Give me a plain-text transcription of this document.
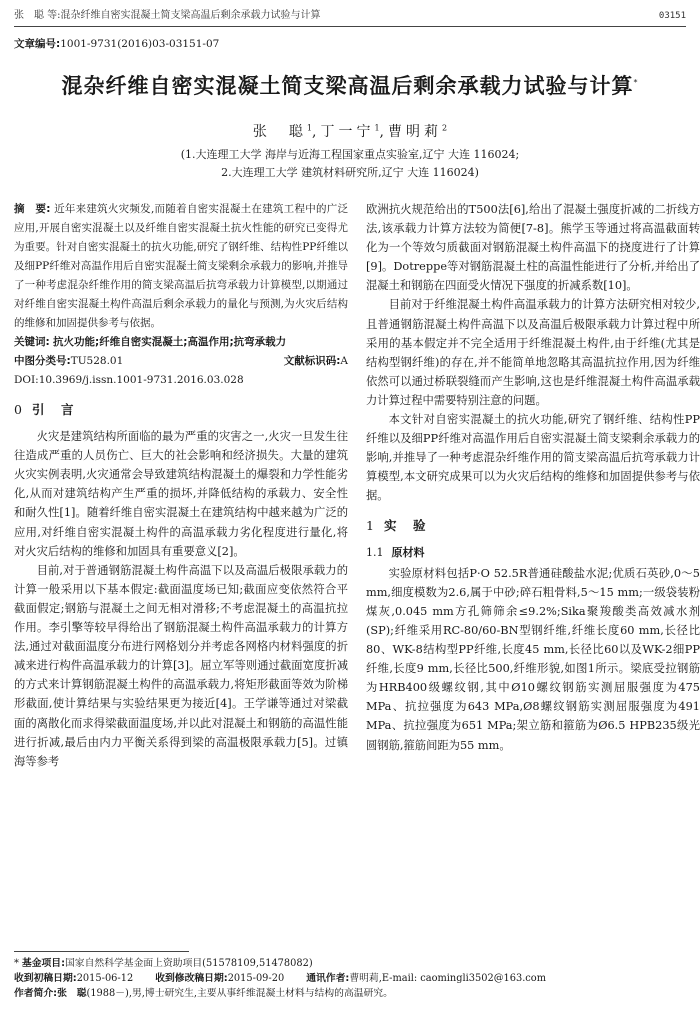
张　聪 等:混杂纤维自密实混凝土简支梁高温后剩余承载力试验与计算	03151
文章编号:1001-9731(2016)03-03151-07
混杂纤维自密实混凝土简支梁高温后剩余承载力试验与计算*
张　聪$^1$,丁一宁$^1$,曹明莉$^2$
(1.大连理工大学 海岸与近海工程国家重点实验室,辽宁 大连 116024;
2.大连理工大学 建筑材料研究所,辽宁 大连 116024)
摘　要: 近年来建筑火灾频发,而随着自密实混凝土在建筑工程中的广泛应用,开展自密实混凝土以及纤维自密实混凝土抗火性能的研究已变得尤为重要。针对自密实混凝土的抗火功能,研究了钢纤维、结构性PP纤维以及细PP纤维对高温作用后自密实混凝土简支梁剩余承载力的影响,并推导了一种考虑混杂纤维作用的简支梁高温后抗弯承载力计算模型,以期通过对纤维自密实混凝土构件高温后剩余承载力的量化与预测,为火灾后结构的维修和加固提供参考与依据。
关键词: 抗火功能;纤维自密实混凝土;高温作用;抗弯承载力
中图分类号:TU528.01	文献标识码:A
DOI:10.3969/j.issn.1001-9731.2016.03.028
0 引　言

火灾是建筑结构所面临的最为严重的灾害之一,火灾一旦发生往往造成严重的人员伤亡、巨大的社会影响和经济损失。大量的建筑火灾实例表明,火灾通常会导致建筑结构混凝土的爆裂和力学性能劣化,从而对建筑结构产生严重的损坏,并降低结构的承载力、安全性和耐久性[1]。随着纤维自密实混凝土在建筑结构中越来越为广泛的应用,对纤维自密实混凝土构件的高温承载力劣化程度进行量化,将对火灾后结构的维修和加固具有重要意义[2]。

目前,对于普通钢筋混凝土构件高温下以及高温后极限承载力的计算一般采用以下基本假定:截面温度场已知;截面应变依然符合平截面假定;钢筋与混凝土之间无相对滑移;不考虑混凝土的高温抗拉作用。李引擎等较早得给出了钢筋混凝土构件高温承载力的计算方法,通过对截面温度分布进行网格划分并考虑各网格内材料强度的折减来进行构件高温承载力的计算[3]。屈立军等则通过截面宽度折减的方式来计算钢筋混凝土构件的高温承载力,将矩形截面等效为阶梯形截面,使计算结果与实验结果更为接近[4]。王学谦等通过对梁截面的离散化而求得梁截面温度场,并以此对混凝土和钢筋的高温性能进行折减,最后由内力平衡关系得到梁的高温极限承载力[5]。过镇海等参考

欧洲抗火规范给出的T500法[6],给出了混凝土强度折减的二折线方法,该承载力计算方法较为简便[7-8]。熊学玉等通过将高温截面转化为一个等效匀质截面对钢筋混凝土构件高温下的挠度进行了计算[9]。Dotreppe等对钢筋混凝土柱的高温性能进行了分析,并给出了混凝土和钢筋在四面受火情况下强度的折减系数[10]。

目前对于纤维混凝土构件高温承载力的计算方法研究相对较少,且普通钢筋混凝土构件高温下以及高温后极限承载力计算过程中所采用的基本假定并不完全适用于纤维混凝土构件,由于纤维(尤其是结构型钢纤维)的存在,并不能简单地忽略其高温抗拉作用,因为纤维依然可以通过桥联裂缝而产生影响,这也是纤维混凝土构件高温承载力计算过程中需要特别注意的问题。

本文针对自密实混凝土的抗火功能,研究了钢纤维、结构性PP纤维以及细PP纤维对高温作用后自密实混凝土简支梁剩余承载力的影响,并推导了一种考虑混杂纤维作用的简支梁高温后抗弯承载力计算模型,本文研究成果可以为火灾后结构的维修和加固提供参考与依据。

1 实　验
1.1 原材料

实验原材料包括P·O 52.5R普通硅酸盐水泥;优质石英砂,0～5 mm,细度模数为2.6,属于中砂;碎石粗骨料,5～15 mm;一级袋装粉煤灰,0.045 mm方孔筛筛余≤9.2%;Sika聚羧酸类高效减水剂(SP);纤维采用RC-80/60-BN型钢纤维,纤维长度60 mm,长径比80、WK-8结构型PP纤维,长度45 mm,长径比60以及WK-2细PP纤维,长度9 mm,长径比500,纤维形貌,如图1所示。梁底受拉钢筋为HRB400级螺纹钢,其中Ø10螺纹钢筋实测屈服强度为475 MPa、抗拉强度为643 MPa,Ø8螺纹钢筋实测屈服强度为491 MPa、抗拉强度为651 MPa;架立筋和箍筋为Ø6.5 HPB235级光圆钢筋,箍筋间距为55 mm。

* 基金项目:国家自然科学基金面上资助项目(51578109,51478082)
收到初稿日期:2015-06-12 收到修改稿日期:2015-09-20 通讯作者:曹明莉,E-mail: caomingli3502@163.com
作者简介:张　聪(1988－),男,博士研究生,主要从事纤维混凝土材料与结构的高温研究。
